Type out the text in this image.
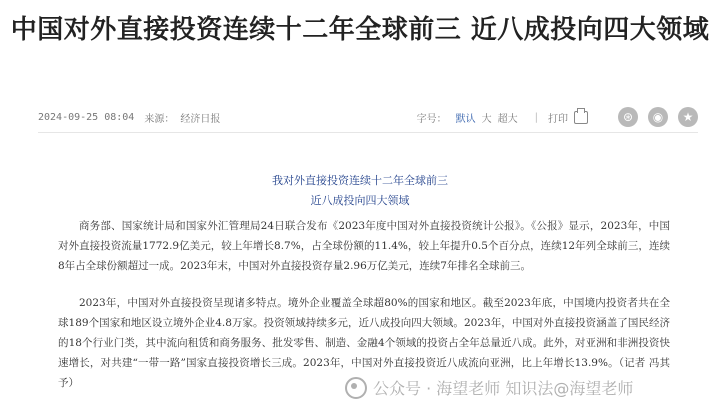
中国对外直接投资连续十二年全球前三 近八成投向四大领域
2024-09-25 08:04 来源： 经济日报	字号： 默认 大 超大 | 打印	⊛	◉	★
我对外直接投资连续十二年全球前三
近八成投向四大领域
商务部、国家统计局和国家外汇管理局24日联合发布《2023年度中国对外直接投资统计公报》。《公报》显示，2023年，中国对外直接投资流量1772.9亿美元，较上年增长8.7%，占全球份额的11.4%，较上年提升0.5个百分点，连续12年列全球前三，连续8年占全球份额超过一成。2023年末，中国对外直接投资存量2.96万亿美元，连续7年排名全球前三。
2023年，中国对外直接投资呈现诸多特点。境外企业覆盖全球超80%的国家和地区。截至2023年底，中国境内投资者共在全球189个国家和地区设立境外企业4.8万家。投资领域持续多元，近八成投向四大领域。2023年，中国对外直接投资涵盖了国民经济的18个行业门类，其中流向租赁和商务服务、批发零售、制造、金融4个领域的投资占全年总量近八成。此外，对亚洲和非洲投资快速增长，对共建“一带一路”国家直接投资增长三成。2023年，中国对外直接投资近八成流向亚洲，比上年增长13.9%。（记者 冯其予）	公众号 · 海望老师 知识法@海望老师
